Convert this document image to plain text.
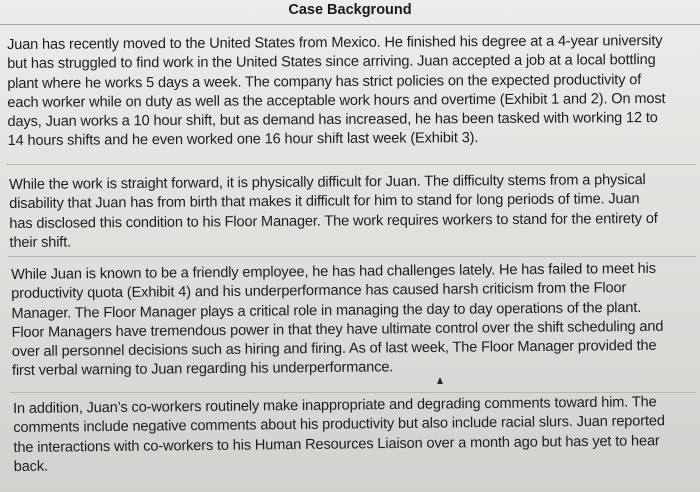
Case Background

Juan has recently moved to the United States from Mexico. He finished his degree at a 4-year university
but has struggled to find work in the United States since arriving. Juan accepted a job at a local bottling
plant where he works 5 days a week. The company has strict policies on the expected productivity of
each worker while on duty as well as the acceptable work hours and overtime (Exhibit 1 and 2). On most
days, Juan works a 10 hour shift, but as demand has increased, he has been tasked with working 12 to
14 hours shifts and he even worked one 16 hour shift last week (Exhibit 3).

While the work is straight forward, it is physically difficult for Juan. The difficulty stems from a physical
disability that Juan has from birth that makes it difficult for him to stand for long periods of time. Juan
has disclosed this condition to his Floor Manager. The work requires workers to stand for the entirety of
their shift.

While Juan is known to be a friendly employee, he has had challenges lately. He has failed to meet his
productivity quota (Exhibit 4) and his underperformance has caused harsh criticism from the Floor
Manager. The Floor Manager plays a critical role in managing the day to day operations of the plant.
Floor Managers have tremendous power in that they have ultimate control over the shift scheduling and
over all personnel decisions such as hiring and firing. As of last week, The Floor Manager provided the
first verbal warning to Juan regarding his underperformance.

In addition, Juan’s co-workers routinely make inappropriate and degrading comments toward him. The
comments include negative comments about his productivity but also include racial slurs. Juan reported
the interactions with co-workers to his Human Resources Liaison over a month ago but has yet to hear
back.
